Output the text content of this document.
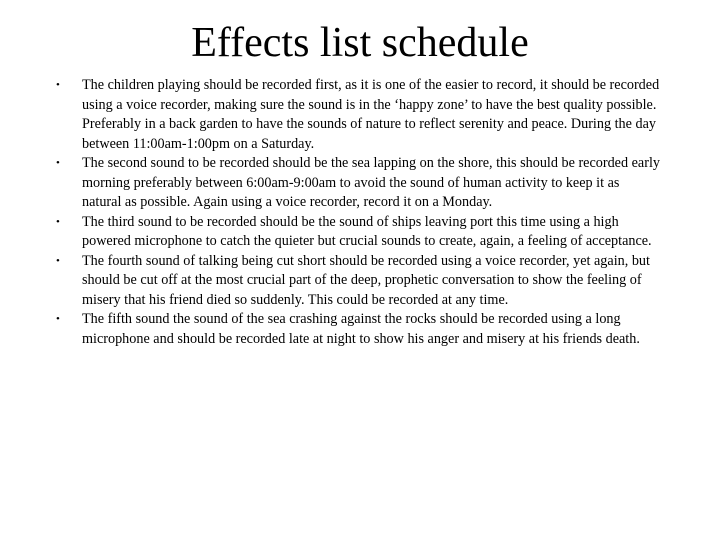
Effects list schedule
•	The children playing should be recorded first, as it is one of the easier to record, it should be recorded using a voice recorder, making sure the sound is in the ‘happy zone’ to have the best quality possible. Preferably in a back garden to have the sounds of nature to reflect serenity and peace. During the day between 11:00am-1:00pm on a Saturday.
•	The second sound to be recorded should be the sea lapping on the shore, this should be recorded early morning preferably between 6:00am-9:00am to avoid the sound of human activity to keep it as natural as possible. Again using a voice recorder, record it on a Monday.
•	The third sound to be recorded should be the sound of ships leaving port this time using a high powered microphone to catch the quieter but crucial sounds to create, again, a feeling of acceptance.
•	The fourth sound of talking being cut short should be recorded using a voice recorder, yet again, but should be cut off at the most crucial part of the deep, prophetic conversation to show the feeling of misery that his friend died so suddenly. This could be recorded at any time.
•	The fifth sound the sound of the sea crashing against the rocks should be recorded using a long microphone and should be recorded late at night to show his anger and misery at his friends death.
